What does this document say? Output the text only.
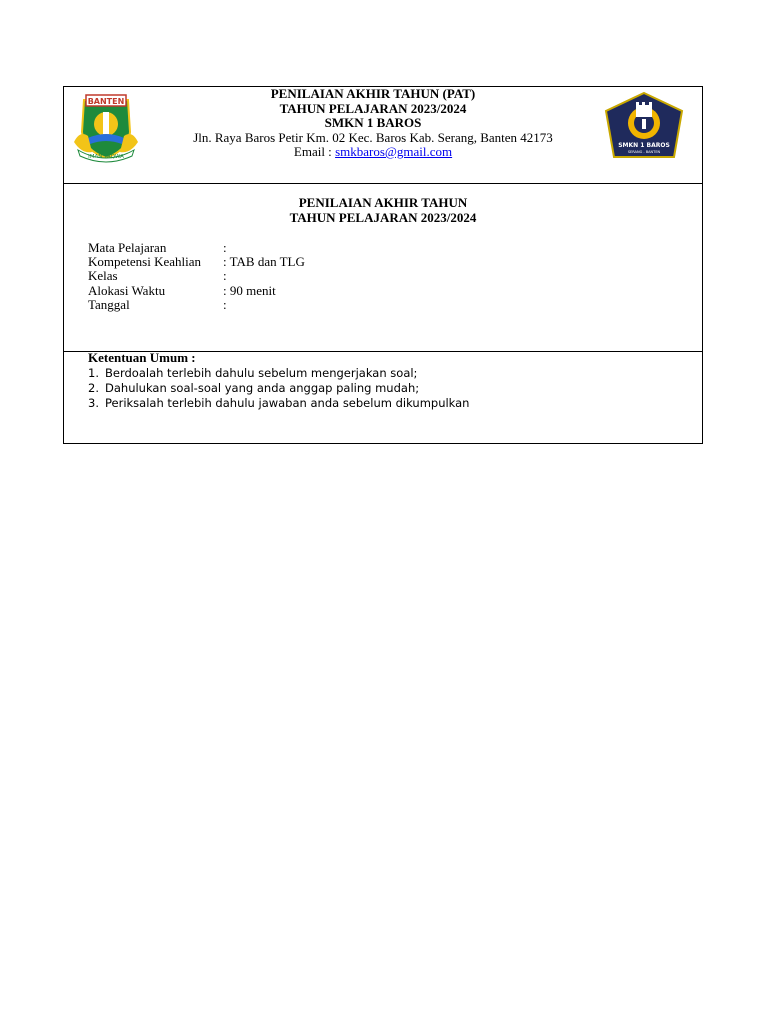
BANTEN
IMAN TAQWA
PENILAIAN AKHIR TAHUN (PAT)
TAHUN PELAJARAN 2023/2024
SMKN 1 BAROS
Jln. Raya Baros Petir Km. 02 Kec. Baros Kab. Serang, Banten 42173
Email : smkbaros@gmail.com	SMKN 1 BAROS
SERANG - BANTEN
PENILAIAN AKHIR TAHUN
TAHUN PELAJARAN 2023/2024
Mata Pelajaran	:
Kompetensi Keahlian : TAB dan TLG
Kelas	:
Alokasi Waktu	: 90 menit
Tanggal	:
Ketentuan Umum :
1. Berdoalah terlebih dahulu sebelum mengerjakan soal;
2. Dahulukan soal-soal yang anda anggap paling mudah;
3. Periksalah terlebih dahulu jawaban anda sebelum dikumpulkan
